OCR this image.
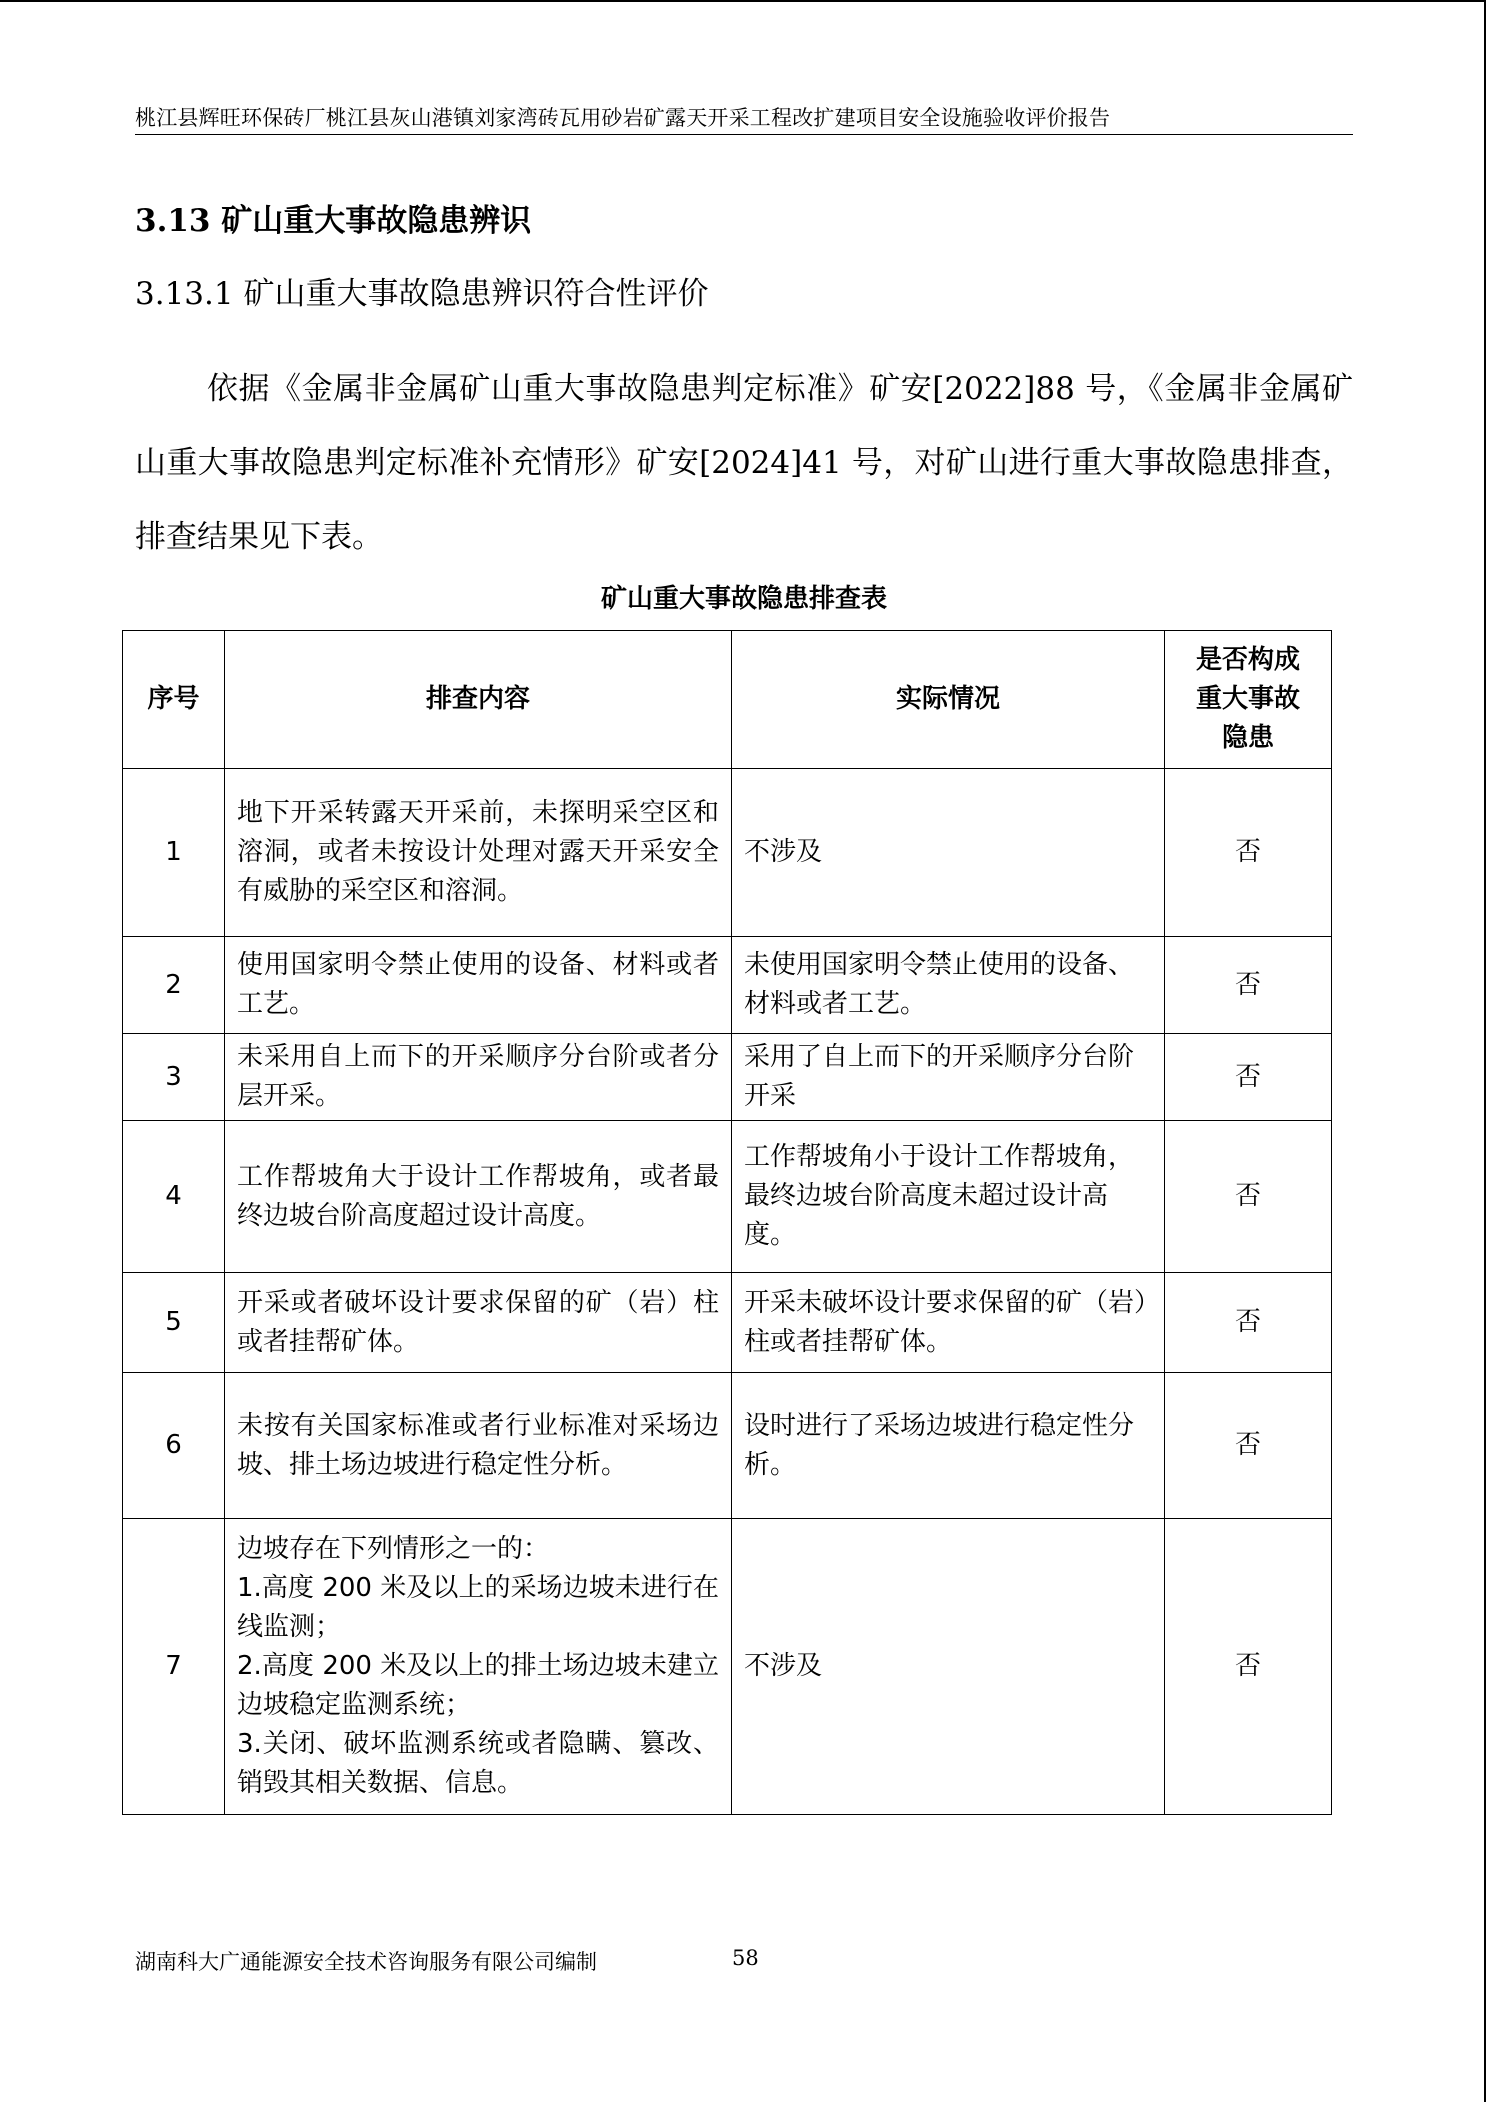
桃江县辉旺环保砖厂桃江县灰山港镇刘家湾砖瓦用砂岩矿露天开采工程改扩建项目安全设施验收评价报告
3.13 矿山重大事故隐患辨识
3.13.1 矿山重大事故隐患辨识符合性评价
依据《金属非金属矿山重大事故隐患判定标准》矿安[2022]88 号，《金属非金属矿山重大事故隐患判定标准补充情形》矿安[2024]41 号，对矿山进行重大事故隐患排查，排查结果见下表。
矿山重大事故隐患排查表
序号	排查内容	实际情况	是否构成
重大事故
隐患

1	地下开采转露天开采前，未探明采空区和溶洞，或者未按设计处理对露天开采安全有威胁的采空区和溶洞。	不涉及	否
2	使用国家明令禁止使用的设备、材料或者工艺。	未使用国家明令禁止使用的设备、材料或者工艺。	否
3	未采用自上而下的开采顺序分台阶或者分层开采。	采用了自上而下的开采顺序分台阶开采	否
4	工作帮坡角大于设计工作帮坡角，或者最终边坡台阶高度超过设计高度。	工作帮坡角小于设计工作帮坡角，最终边坡台阶高度未超过设计高度。	否
5	开采或者破坏设计要求保留的矿（岩）柱或者挂帮矿体。	开采未破坏设计要求保留的矿（岩）柱或者挂帮矿体。	否
6	未按有关国家标准或者行业标准对采场边坡、排土场边坡进行稳定性分析。	设时进行了采场边坡进行稳定性分析。	否
7	边坡存在下列情形之一的：
1.高度 200 米及以上的采场边坡未进行在线监测；
2.高度 200 米及以上的排土场边坡未建立边坡稳定监测系统；
3.关闭、破坏监测系统或者隐瞒、篡改、销毁其相关数据、信息。	不涉及	否
湖南科大广通能源安全技术咨询服务有限公司编制	58
